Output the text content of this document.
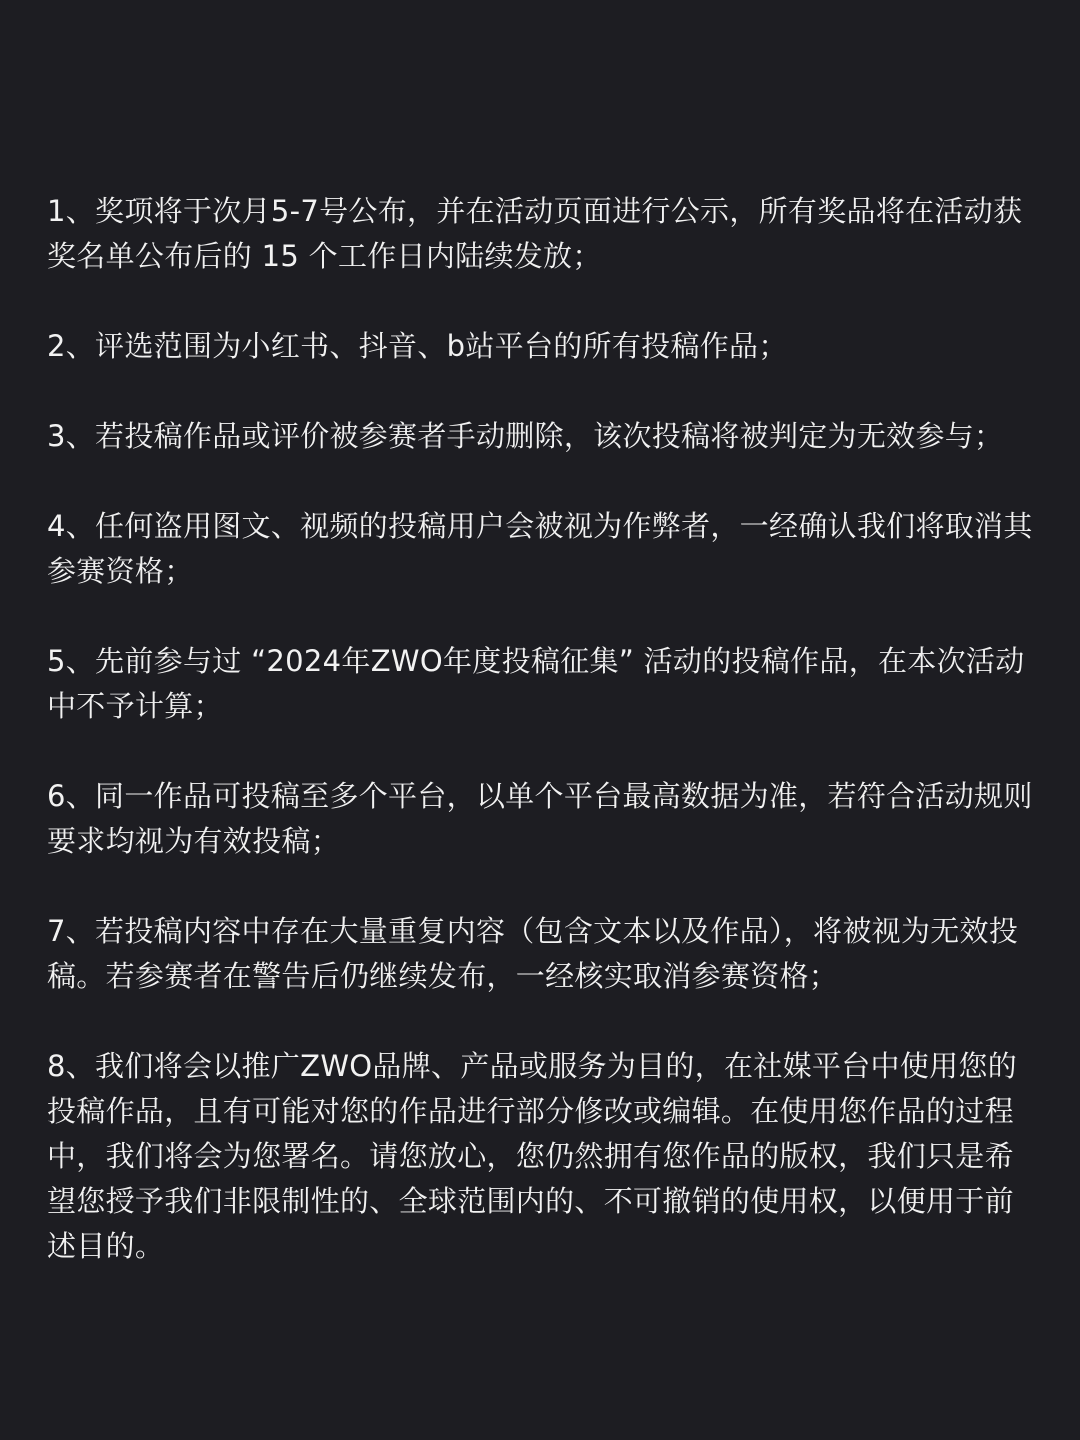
1、奖项将于次月5-7号公布，并在活动页面进行公示，所有奖品将在活动获奖名单公布后的 15 个工作日内陆续发放；

2、评选范围为小红书、抖音、b站平台的所有投稿作品；

3、若投稿作品或评价被参赛者手动删除，该次投稿将被判定为无效参与；

4、任何盗用图文、视频的投稿用户会被视为作弊者，一经确认我们将取消其参赛资格；

5、先前参与过 “2024年ZWO年度投稿征集” 活动的投稿作品，在本次活动中不予计算；

6、同一作品可投稿至多个平台，以单个平台最高数据为准，若符合活动规则要求均视为有效投稿；

7、若投稿内容中存在大量重复内容（包含文本以及作品），将被视为无效投稿。若参赛者在警告后仍继续发布，一经核实取消参赛资格；

8、我们将会以推广ZWO品牌、产品或服务为目的，在社媒平台中使用您的投稿作品，且有可能对您的作品进行部分修改或编辑。在使用您作品的过程中，我们将会为您署名。请您放心，您仍然拥有您作品的版权，我们只是希望您授予我们非限制性的、全球范围内的、不可撤销的使用权，以便用于前述目的。
